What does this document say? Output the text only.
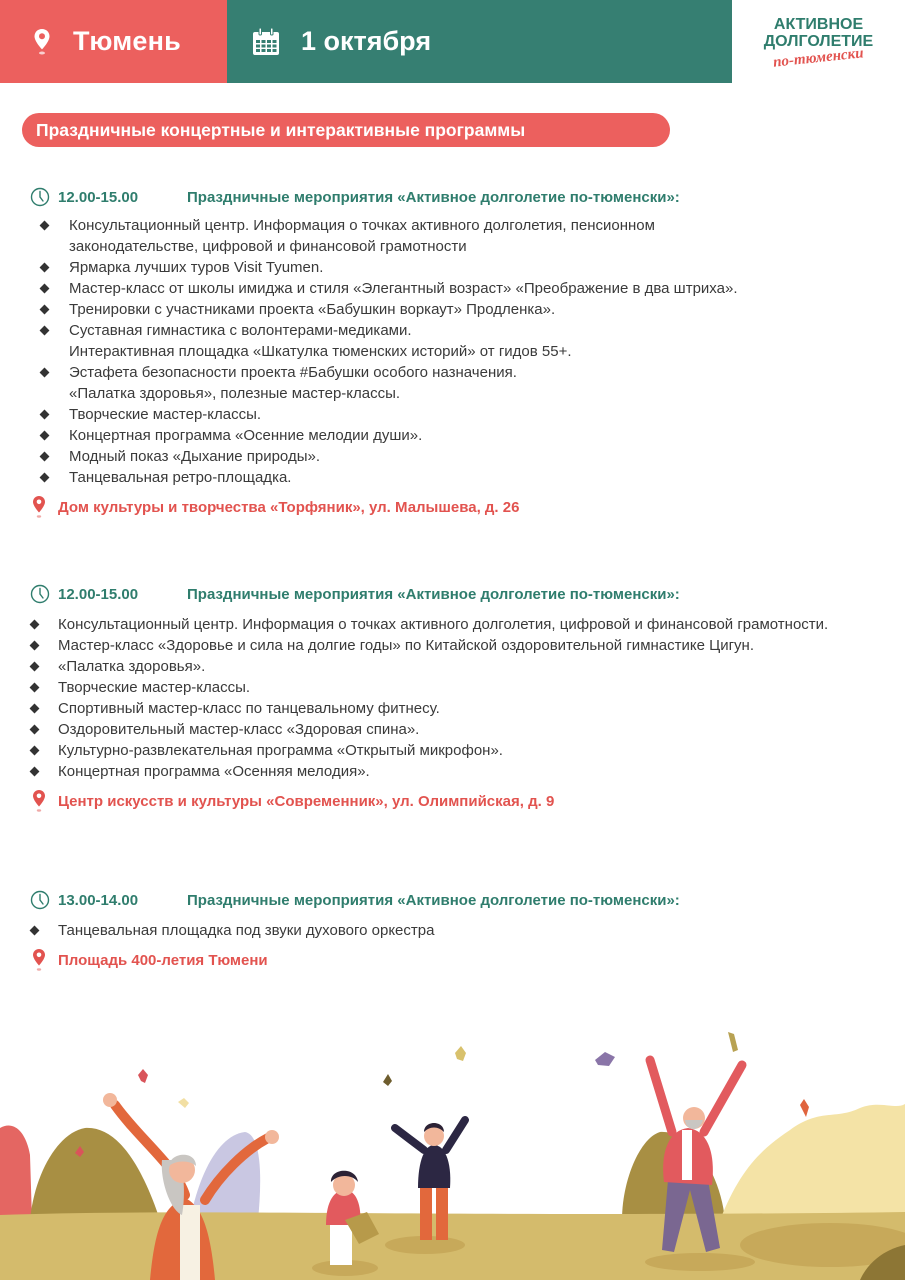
Тюмень	1 октября
АКТИВНОЕ
ДОЛГОЛЕТИЕ
по-тюменски
Праздничные концертные и интерактивные программы
12.00-15.00	Праздничные мероприятия «Активное долголетие по-тюменски»:
Консультационный центр. Информация о точках активного долголетия, пенсионном законодательстве, цифровой и финансовой грамотности
Ярмарка лучших туров Visit Tyumen.
Мастер-класс от школы имиджа и стиля «Элегантный возраст» «Преображение в два штриха».
Тренировки с участниками проекта «Бабушкин воркаут» Продленка».
Суставная гимнастика с волонтерами-медиками.
Интерактивная площадка «Шкатулка тюменских историй» от гидов 55+.
Эстафета безопасности проекта #Бабушки особого назначения.
«Палатка здоровья», полезные мастер-классы.
Творческие мастер-классы.
Концертная программа «Осенние мелодии души».
Модный показ «Дыхание природы».
Танцевальная ретро-площадка.
Дом культуры и творчества «Торфяник», ул. Малышева, д. 26
12.00-15.00	Праздничные мероприятия «Активное долголетие по-тюменски»:
Консультационный центр. Информация о точках активного долголетия, цифровой и финансовой грамотности.
Мастер-класс «Здоровье и сила на долгие годы» по Китайской оздоровительной гимнастике Цигун.
«Палатка здоровья».
Творческие мастер-классы.
Спортивный мастер-класс по танцевальному фитнесу.
Оздоровительный мастер-класс «Здоровая спина».
Культурно-развлекательная программа «Открытый микрофон».
Концертная программа «Осенняя мелодия».
Центр искусств и культуры «Современник», ул. Олимпийская, д. 9
13.00-14.00	Праздничные мероприятия «Активное долголетие по-тюменски»:
Танцевальная площадка под звуки духового оркестра
Площадь 400-летия Тюмени
